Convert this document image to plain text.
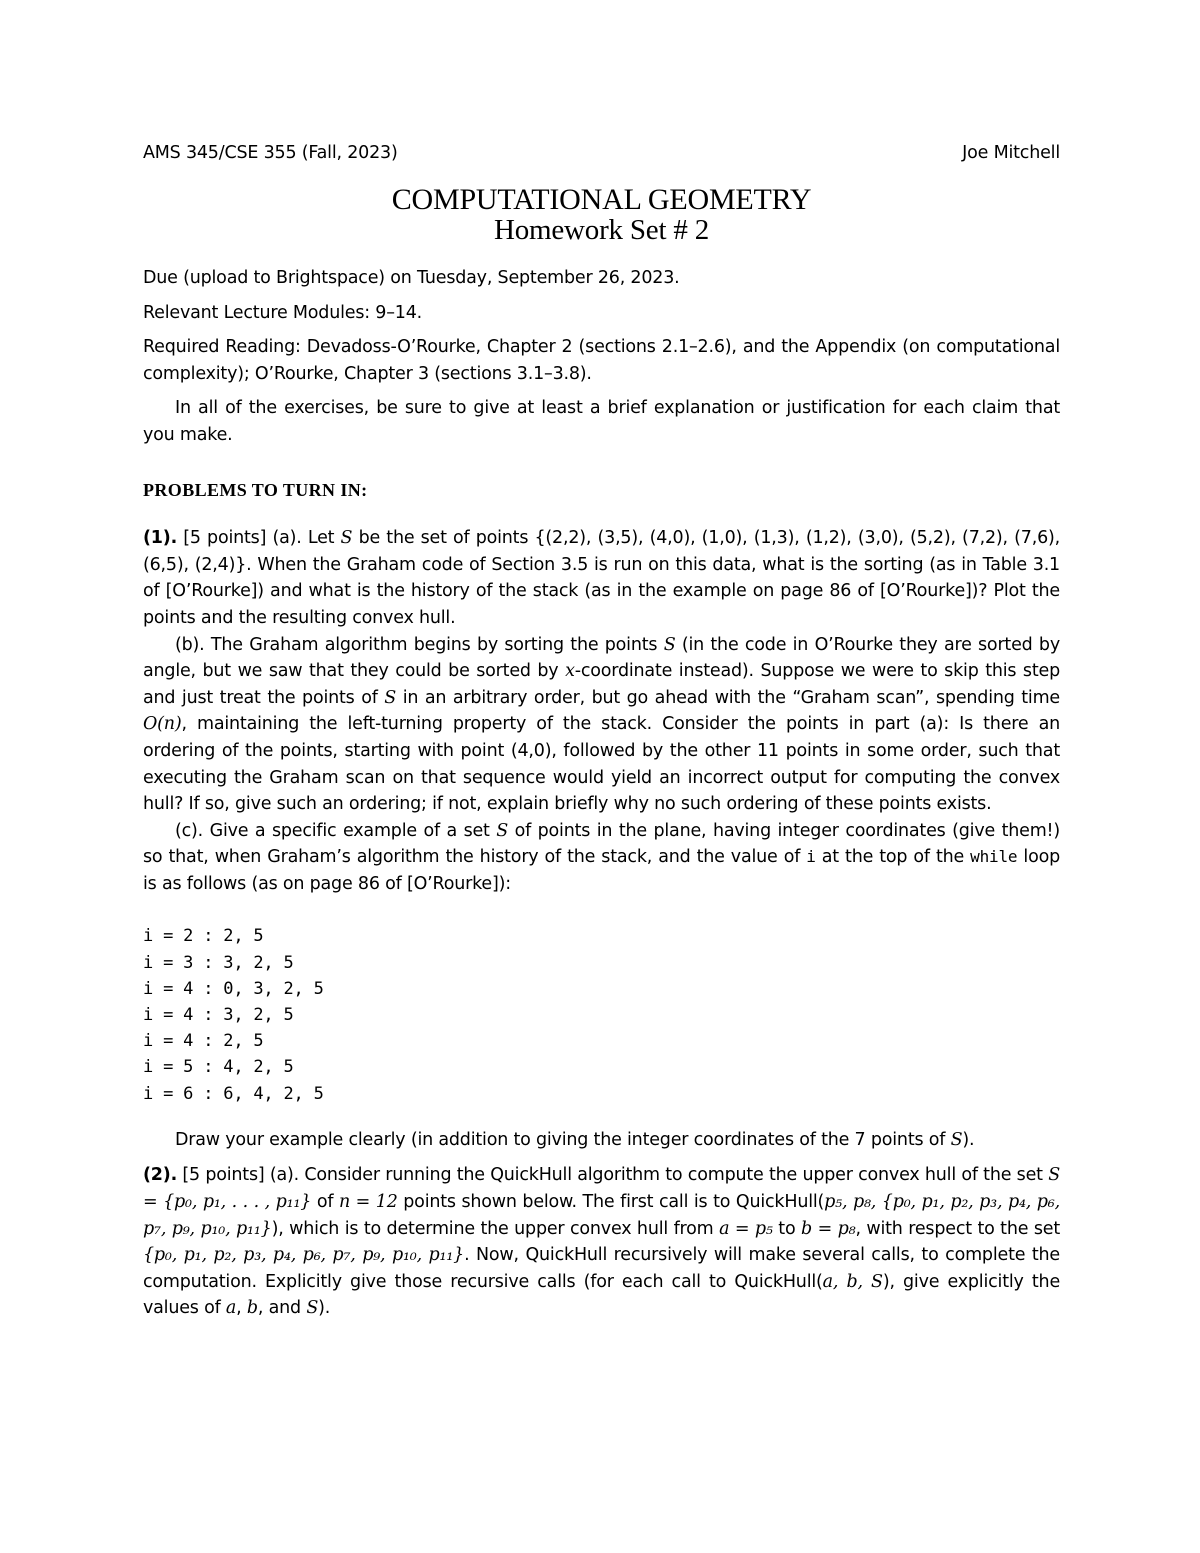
AMS 345/CSE 355 (Fall, 2023)	Joe Mitchell
COMPUTATIONAL GEOMETRY
Homework Set # 2

Due (upload to Brightspace) on Tuesday, September 26, 2023.

Relevant Lecture Modules: 9–14.

Required Reading: Devadoss-O’Rourke, Chapter 2 (sections 2.1–2.6), and the Appendix (on computational complexity); O’Rourke, Chapter 3 (sections 3.1–3.8).

In all of the exercises, be sure to give at least a brief explanation or justification for each claim that you make.

PROBLEMS TO TURN IN:

(1). [5 points] (a). Let S be the set of points {(2,2), (3,5), (4,0), (1,0), (1,3), (1,2), (3,0), (5,2), (7,2), (7,6), (6,5), (2,4)}. When the Graham code of Section 3.5 is run on this data, what is the sorting (as in Table 3.1 of [O’Rourke]) and what is the history of the stack (as in the example on page 86 of [O’Rourke])? Plot the points and the resulting convex hull.

(b). The Graham algorithm begins by sorting the points S (in the code in O’Rourke they are sorted by angle, but we saw that they could be sorted by x-coordinate instead). Suppose we were to skip this step and just treat the points of S in an arbitrary order, but go ahead with the “Graham scan”, spending time O(n), maintaining the left-turning property of the stack. Consider the points in part (a): Is there an ordering of the points, starting with point (4,0), followed by the other 11 points in some order, such that executing the Graham scan on that sequence would yield an incorrect output for computing the convex hull? If so, give such an ordering; if not, explain briefly why no such ordering of these points exists.

(c). Give a specific example of a set S of points in the plane, having integer coordinates (give them!) so that, when Graham’s algorithm the history of the stack, and the value of i at the top of the while loop is as follows (as on page 86 of [O’Rourke]):

i = 2 : 2, 5
i = 3 : 3, 2, 5
i = 4 : 0, 3, 2, 5
i = 4 : 3, 2, 5
i = 4 : 2, 5
i = 5 : 4, 2, 5
i = 6 : 6, 4, 2, 5

Draw your example clearly (in addition to giving the integer coordinates of the 7 points of S).

(2). [5 points] (a). Consider running the QuickHull algorithm to compute the upper convex hull of the set S = {p₀, p₁, . . . , p₁₁} of n = 12 points shown below. The first call is to QuickHull(p₅, p₈, {p₀, p₁, p₂, p₃, p₄, p₆, p₇, p₉, p₁₀, p₁₁}), which is to determine the upper convex hull from a = p₅ to b = p₈, with respect to the set {p₀, p₁, p₂, p₃, p₄, p₆, p₇, p₉, p₁₀, p₁₁}. Now, QuickHull recursively will make several calls, to complete the computation. Explicitly give those recursive calls (for each call to QuickHull(a, b, S), give explicitly the values of a, b, and S).
